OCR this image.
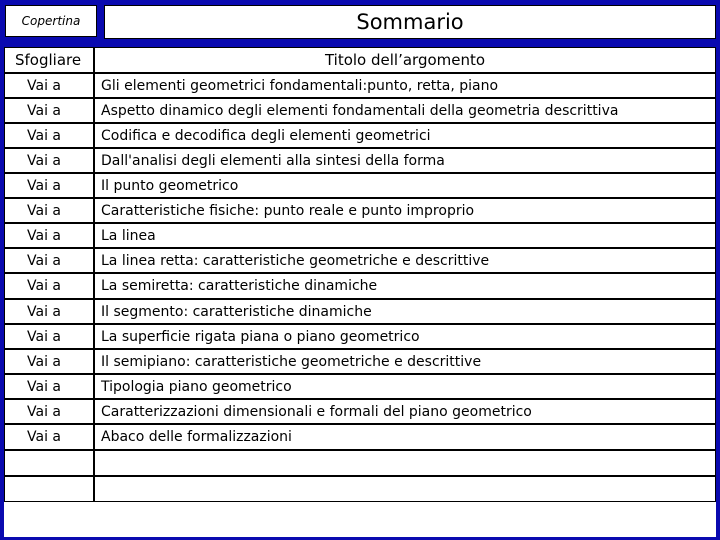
Copertina	Sommario
Sfogliare	Titolo dell’argomento
Vai a	Gli elementi geometrici fondamentali:punto, retta, piano
Vai a	Aspetto dinamico degli elementi fondamentali della geometria descrittiva
Vai a	Codifica e decodifica degli elementi geometrici
Vai a	Dall'analisi degli elementi alla sintesi della forma
Vai a	Il punto geometrico
Vai a	Caratteristiche fisiche: punto reale e punto improprio
Vai a	La linea
Vai a	La linea retta: caratteristiche geometriche e descrittive
Vai a	La semiretta: caratteristiche dinamiche
Vai a	Il segmento: caratteristiche dinamiche
Vai a	La superficie rigata piana o piano geometrico
Vai a	Il semipiano: caratteristiche geometriche e descrittive
Vai a	Tipologia piano geometrico
Vai a	Caratterizzazioni dimensionali e formali del piano geometrico
Vai a	Abaco delle formalizzazioni
